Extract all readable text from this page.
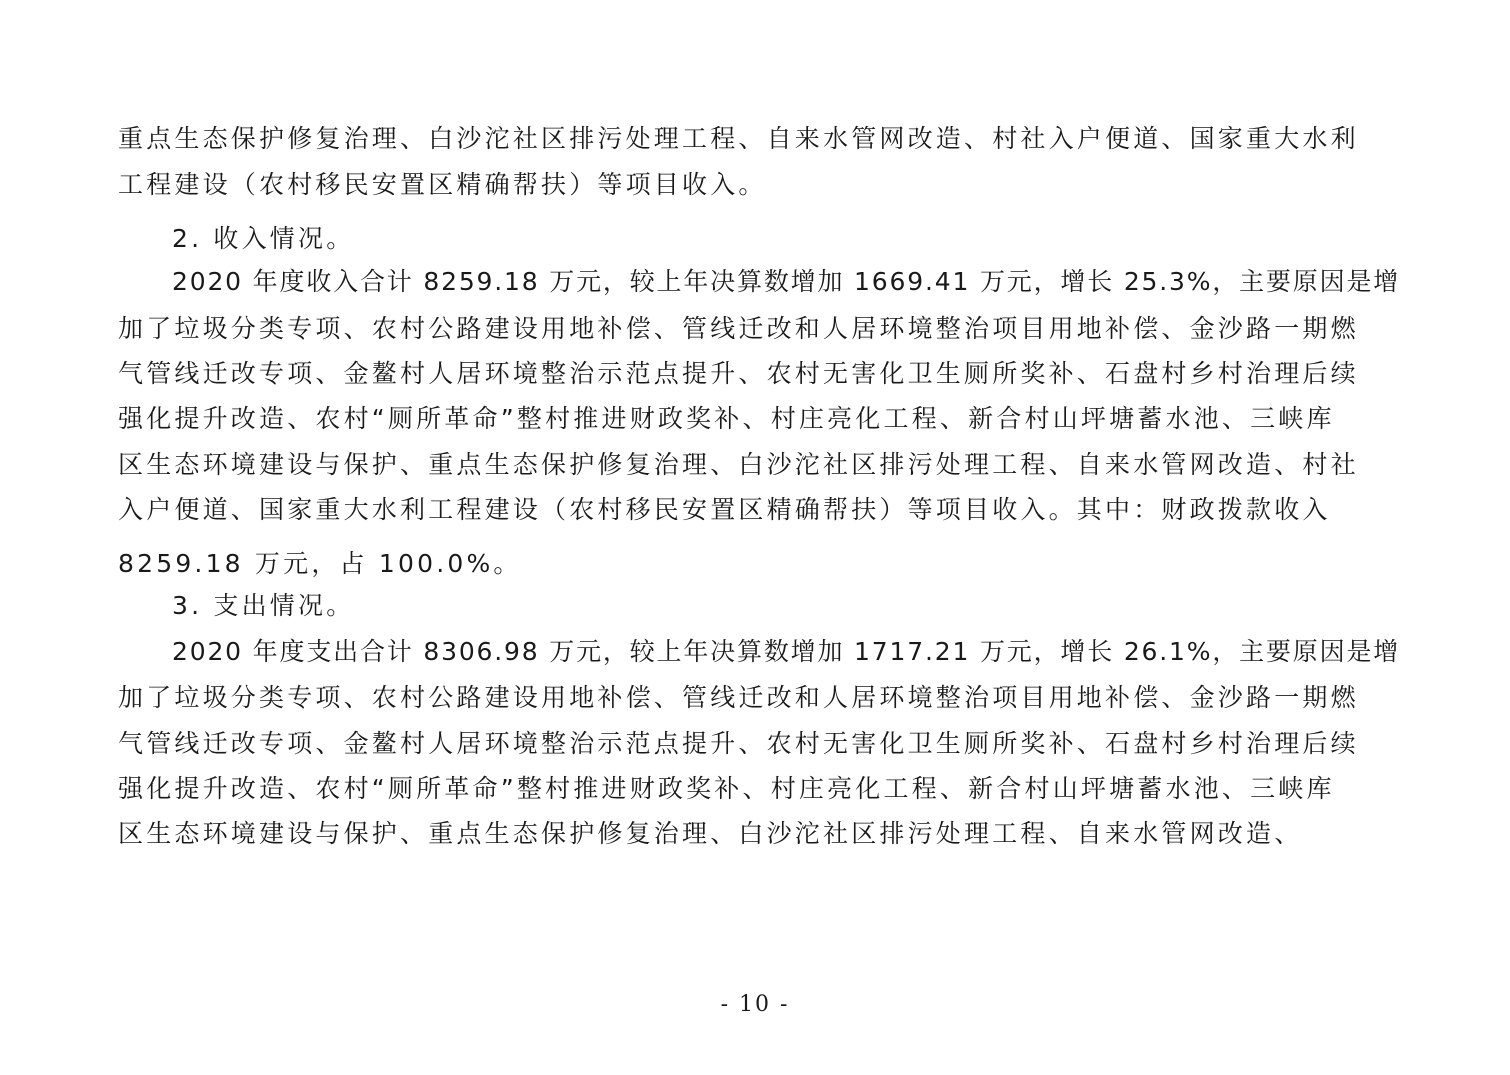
重点生态保护修复治理、白沙沱社区排污处理工程、自来水管网改造、村社入户便道、国家重大水利
工程建设（农村移民安置区精确帮扶）等项目收入。
2. 收入情况。
2020 年度收入合计 8259.18 万元，较上年决算数增加 1669.41 万元，增长 25.3%，主要原因是增
加了垃圾分类专项、农村公路建设用地补偿、管线迁改和人居环境整治项目用地补偿、金沙路一期燃
气管线迁改专项、金鳌村人居环境整治示范点提升、农村无害化卫生厕所奖补、石盘村乡村治理后续
强化提升改造、农村“厕所革命”整村推进财政奖补、村庄亮化工程、新合村山坪塘蓄水池、三峡库
区生态环境建设与保护、重点生态保护修复治理、白沙沱社区排污处理工程、自来水管网改造、村社
入户便道、国家重大水利工程建设（农村移民安置区精确帮扶）等项目收入。其中：财政拨款收入
8259.18 万元，占 100.0%。
3. 支出情况。
2020 年度支出合计 8306.98 万元，较上年决算数增加 1717.21 万元，增长 26.1%，主要原因是增
加了垃圾分类专项、农村公路建设用地补偿、管线迁改和人居环境整治项目用地补偿、金沙路一期燃
气管线迁改专项、金鳌村人居环境整治示范点提升、农村无害化卫生厕所奖补、石盘村乡村治理后续
强化提升改造、农村“厕所革命”整村推进财政奖补、村庄亮化工程、新合村山坪塘蓄水池、三峡库
区生态环境建设与保护、重点生态保护修复治理、白沙沱社区排污处理工程、自来水管网改造、
- 10 -
